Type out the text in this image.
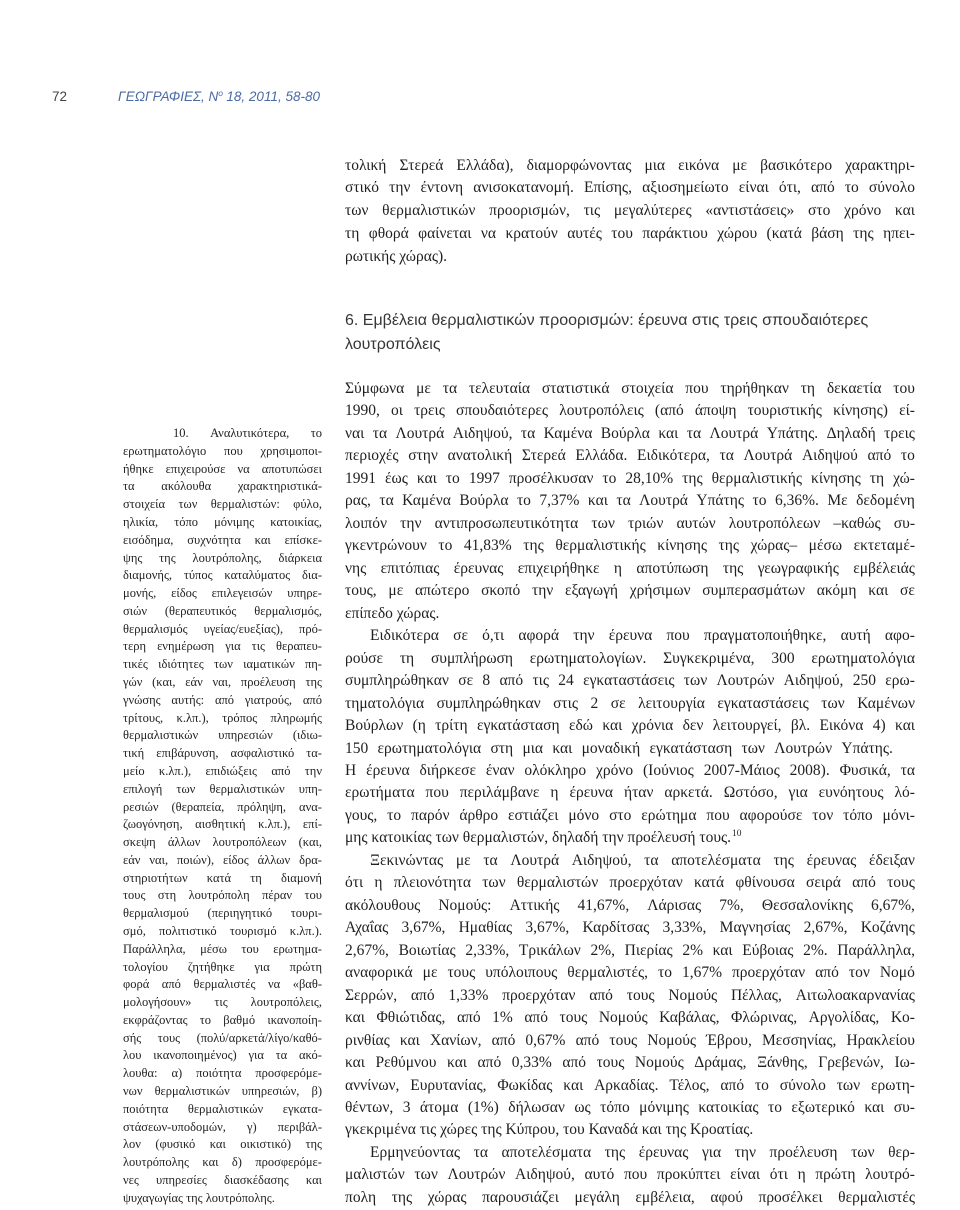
72	ΓΕΩΓΡΑΦΙΕΣ, $N^o$ 18, 2011, 58-80
τολική Στερεά Ελλάδα), διαμορφώνοντας μια εικόνα με βασικότερο χαρακτηρι-
στικό την έντονη ανισοκατανομή. Επίσης, αξιοσημείωτο είναι ότι, από το σύνολο
των θερμαλιστικών προορισμών, τις μεγαλύτερες «αντιστάσεις» στο χρόνο και
τη φθορά φαίνεται να κρατούν αυτές του παράκτιου χώρου (κατά βάση της ηπει-
ρωτικής χώρας).
6. Εμβέλεια θερμαλιστικών προορισμών: έρευνα στις τρεις σπουδαιότερες
λουτροπόλεις
Σύμφωνα με τα τελευταία στατιστικά στοιχεία που τηρήθηκαν τη δεκαετία του
1990, οι τρεις σπουδαιότερες λουτροπόλεις (από άποψη τουριστικής κίνησης) εί-
ναι τα Λουτρά Αιδηψού, τα Καμένα Βούρλα και τα Λουτρά Υπάτης. Δηλαδή τρεις
περιοχές στην ανατολική Στερεά Ελλάδα. Ειδικότερα, τα Λουτρά Αιδηψού από το
1991 έως και το 1997 προσέλκυσαν το 28,10% της θερμαλιστικής κίνησης τη χώ-
ρας, τα Καμένα Βούρλα το 7,37% και τα Λουτρά Υπάτης το 6,36%. Με δεδομένη
λοιπόν την αντιπροσωπευτικότητα των τριών αυτών λουτροπόλεων –καθώς συ-
γκεντρώνουν το 41,83% της θερμαλιστικής κίνησης της χώρας– μέσω εκτεταμέ-
νης επιτόπιας έρευνας επιχειρήθηκε η αποτύπωση της γεωγραφικής εμβέλειάς
τους, με απώτερο σκοπό την εξαγωγή χρήσιμων συμπερασμάτων ακόμη και σε
επίπεδο χώρας.
Ειδικότερα σε ό,τι αφορά την έρευνα που πραγματοποιήθηκε, αυτή αφο-
ρούσε τη συμπλήρωση ερωτηματολογίων. Συγκεκριμένα, 300 ερωτηματολόγια
συμπληρώθηκαν σε 8 από τις 24 εγκαταστάσεις των Λουτρών Αιδηψού, 250 ερω-
τηματολόγια συμπληρώθηκαν στις 2 σε λειτουργία εγκαταστάσεις των Καμένων
Βούρλων (η τρίτη εγκατάσταση εδώ και χρόνια δεν λειτουργεί, βλ. Εικόνα 4) και
150 ερωτηματολόγια στη μια και μοναδική εγκατάσταση των Λουτρών Υπάτης.
Η έρευνα διήρκεσε έναν ολόκληρο χρόνο (Ιούνιος 2007-Μάιος 2008). Φυσικά, τα
ερωτήματα που περιλάμβανε η έρευνα ήταν αρκετά. Ωστόσο, για ευνόητους λό-
γους, το παρόν άρθρο εστιάζει μόνο στο ερώτημα που αφορούσε τον τόπο μόνι-
μης κατοικίας των θερμαλιστών, δηλαδή την προέλευσή τους.$^{10}$
Ξεκινώντας με τα Λουτρά Αιδηψού, τα αποτελέσματα της έρευνας έδειξαν
ότι η πλειονότητα των θερμαλιστών προερχόταν κατά φθίνουσα σειρά από τους
ακόλουθους Νομούς: Αττικής 41,67%, Λάρισας 7%, Θεσσαλονίκης 6,67%,
Αχαΐας 3,67%, Ημαθίας 3,67%, Καρδίτσας 3,33%, Μαγνησίας 2,67%, Κοζάνης
2,67%, Βοιωτίας 2,33%, Τρικάλων 2%, Πιερίας 2% και Εύβοιας 2%. Παράλληλα,
αναφορικά με τους υπόλοιπους θερμαλιστές, το 1,67% προερχόταν από τον Νομό
Σερρών, από 1,33% προερχόταν από τους Νομούς Πέλλας, Αιτωλοακαρνανίας
και Φθιώτιδας, από 1% από τους Νομούς Καβάλας, Φλώρινας, Αργολίδας, Κο-
ρινθίας και Χανίων, από 0,67% από τους Νομούς Έβρου, Μεσσηνίας, Ηρακλείου
και Ρεθύμνου και από 0,33% από τους Νομούς Δράμας, Ξάνθης, Γρεβενών, Ιω-
αννίνων, Ευρυτανίας, Φωκίδας και Αρκαδίας. Τέλος, από το σύνολο των ερωτη-
θέντων, 3 άτομα (1%) δήλωσαν ως τόπο μόνιμης κατοικίας το εξωτερικό και συ-
γκεκριμένα τις χώρες της Κύπρου, του Καναδά και της Κροατίας.
Ερμηνεύοντας τα αποτελέσματα της έρευνας για την προέλευση των θερ-
μαλιστών των Λουτρών Αιδηψού, αυτό που προκύπτει είναι ότι η πρώτη λουτρό-
πολη της χώρας παρουσιάζει μεγάλη εμβέλεια, αφού προσέλκει θερμαλιστές
10. Αναλυτικότερα, το
ερωτηματολόγιο που χρησιμοποι-
ήθηκε επιχειρούσε να αποτυπώσει
τα ακόλουθα χαρακτηριστικά-
στοιχεία των θερμαλιστών: φύλο,
ηλικία, τόπο μόνιμης κατοικίας,
εισόδημα, συχνότητα και επίσκε-
ψης της λουτρόπολης, διάρκεια
διαμονής, τύπος καταλύματος δια-
μονής, είδος επιλεγεισών υπηρε-
σιών (θεραπευτικός θερμαλισμός,
θερμαλισμός υγείας/ευεξίας), πρό-
τερη ενημέρωση για τις θεραπευ-
τικές ιδιότητες των ιαματικών πη-
γών (και, εάν ναι, προέλευση της
γνώσης αυτής: από γιατρούς, από
τρίτους, κ.λπ.), τρόπος πληρωμής
θερμαλιστικών υπηρεσιών (ιδιω-
τική επιβάρυνση, ασφαλιστικό τα-
μείο κ.λπ.), επιδιώξεις από την
επιλογή των θερμαλιστικών υπη-
ρεσιών (θεραπεία, πρόληψη, ανα-
ζωογόνηση, αισθητική κ.λπ.), επί-
σκεψη άλλων λουτροπόλεων (και,
εάν ναι, ποιών), είδος άλλων δρα-
στηριοτήτων κατά τη διαμονή
τους στη λουτρόπολη πέραν του
θερμαλισμού (περιηγητικό τουρι-
σμό, πολιτιστικό τουρισμό κ.λπ.).
Παράλληλα, μέσω του ερωτημα-
τολογίου ζητήθηκε για πρώτη
φορά από θερμαλιστές να «βαθ-
μολογήσουν» τις λουτροπόλεις,
εκφράζοντας το βαθμό ικανοποίη-
σής τους (πολύ/αρκετά/λίγο/καθό-
λου ικανοποιημένος) για τα ακό-
λουθα: α) ποιότητα προσφερόμε-
νων θερμαλιστικών υπηρεσιών, β)
ποιότητα θερμαλιστικών εγκατα-
στάσεων-υποδομών, γ) περιβάλ-
λον (φυσικό και οικιστικό) της
λουτρόπολης και δ) προσφερόμε-
νες υπηρεσίες διασκέδασης και
ψυχαγωγίας της λουτρόπολης.
